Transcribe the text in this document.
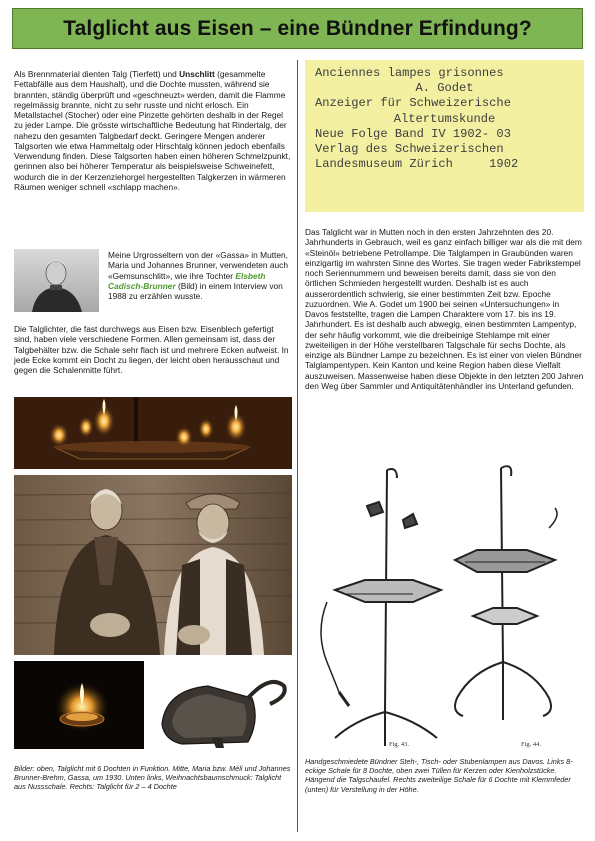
Talglicht aus Eisen – eine Bündner Erfindung?
Als Brennmaterial dienten Talg (Tierfett) und Unschlitt (gesammelte Fettabfälle aus dem Haushalt), und die Dochte mussten, während sie brannten, ständig überprüft und «geschneuzt» werden, damit die Flamme regelmässig brannte, nicht zu sehr russte und nicht erlosch. Ein Metallstachel (Stocher) oder eine Pinzette gehörten deshalb in der Regel zu jeder Lampe. Die grösste wirtschaftliche Bedeutung hat Rindertalg, der nahezu den gesamten Talgbedarf deckt. Geringere Mengen anderer Talgsorten wie etwa Hammeltalg oder Hirschtalg können jedoch ebenfalls Verwendung finden. Diese Talgsorten haben einen höheren Schmelzpunkt, gerinnen also bei höherer Temperatur als beispielsweise Schweinefett, wodurch die in der Kerzenziehorgel hergestellten Talgkerzen in wärmeren Räumen weniger schnell «schlapp machen».
Meine Urgrosseltern von der «Gassa» in Mutten, Maria und Johannes Brunner, verwendeten auch «Gemsunschlitt», wie ihre Tochter Elsbeth Cadisch-Brunner (Bild) in einem Interview von 1988 zu erzählen wusste.
Die Talglichter, die fast durchwegs aus Eisen bzw. Eisenblech gefertigt sind, haben viele verschiedene Formen. Allen gemeinsam ist, dass der Talgbehälter bzw. die Schale sehr flach ist und mehrere Ecken aufweist. In jede Ecke kommt ein Docht zu liegen, der leicht oben herausschaut und gegen die Schalenmitte führt.
Bilder: oben, Talglicht mit 6 Dochten in Funktion. Mitte, Maria bzw. Méli und Johannes Brunner-Brehm, Gassa, um 1930. Unten links, Weihnachtsbaumschmuck: Talglicht aus Nussschale. Rechts: Talglicht für 2 – 4 Dochte
Anciennes lampes grisonnes
A. Godet
Anzeiger für Schweizerische
Altertumskunde
Neue Folge Band IV 1902- 03
Verlag des Schweizerischen
Landesmuseum Zürich     1902
Das Talglicht war in Mutten noch in den ersten Jahrzehnten des 20. Jahrhunderts in Gebrauch, weil es ganz einfach billiger war als die mit dem «Steinöl» betriebene Petrollampe. Die Talglampen in Graubünden waren einzigartig im wahrsten Sinne des Wortes. Sie tragen weder Fabrikstempel noch Seriennummern und beweisen bereits damit, dass sie von den örtlichen Schmieden hergestellt wurden. Deshalb ist es auch ausserordentlich schwierig, sie einer bestimmten Zeit bzw. Epoche zuzuordnen. Wie A. Godet um 1900 bei seinen «Untersuchungen» in Davos feststellte, tragen die Lampen Charaktere vom 17. bis ins 19. Jahrhundert. Es ist deshalb auch abwegig, einen bestimmten Lampentyp, der sehr häufig vorkommt, wie die dreibeinige Stehlampe mit einer zweiteiligen in der Höhe verstellbaren Talgschale für sechs Dochte, als einzige als Bündner Lampe zu bezeichnen. Es ist einer von vielen Bündner Talglampentypen. Kein Kanton und keine Region haben diese Vielfalt auszuweisen. Massenweise haben diese Objekte in den letzten 200 Jahren den Weg über Sammler und Antiquitätenhändler ins Unterland gefunden.
Fig. 43.	Fig. 44.
Handgeschmiedete Bündner Steh-, Tisch- oder Stubenlampen aus Davos. Links 8-eckige Schale für 8 Dochte, oben zwei Tüllen für Kerzen oder Kienholzstücke. Hängend die Talgschaufel. Rechts zweiteilige Schale für 6 Dochte mit Klemmfeder (unten) für Verstellung in der Höhe.
